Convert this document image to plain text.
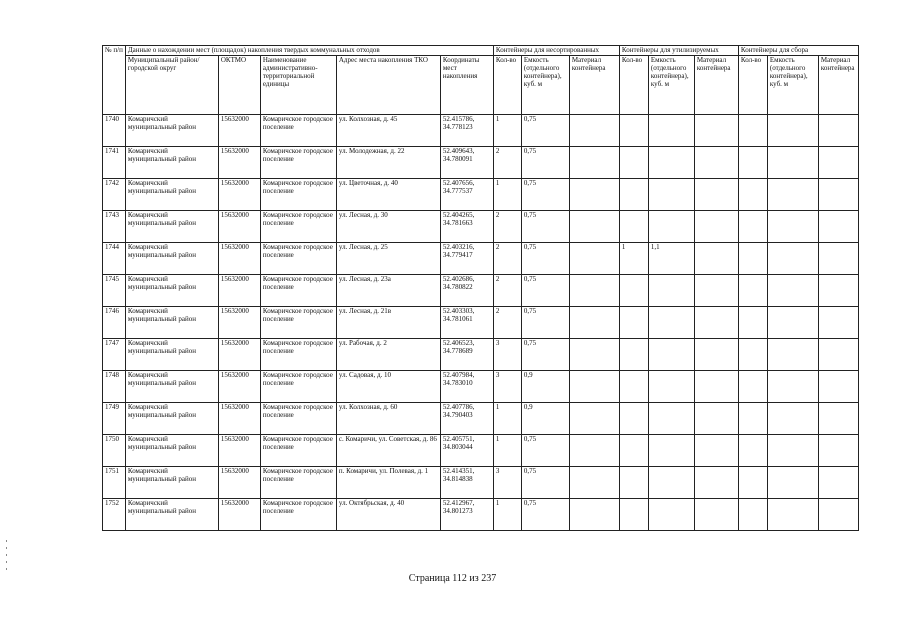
№ п/п	Данные о нахождении мест (площадок) накопления твердых коммунальных отходов					Контейнеры для несортированных			Контейнеры для утилизируемых			Контейнеры для сбора		
	Муниципальный район/городской округ	ОКТМО	Наименование административно-территориальной единицы	Адрес места накопления ТКО	Координаты мест накопления	Кол-во	Емкость (отдельного контейнера), куб. м	Материал контейнера	Кол-во	Емкость (отдельного контейнера), куб. м	Материал контейнера	Кол-во	Емкость (отдельного контейнера), куб. м	Материал контейнера
1740	Комаричский муниципальный район	15632000	Комаричское городское поселение	ул. Колхозная, д. 45	52.415786, 34.778123	1	0,75							
1741	Комаричский муниципальный район	15632000	Комаричское городское поселение	ул. Молодежная, д. 22	52.409643, 34.780091	2	0,75							
1742	Комаричский муниципальный район	15632000	Комаричское городское поселение	ул. Цветочная, д. 40	52.407656, 34.777537	1	0,75							
1743	Комаричский муниципальный район	15632000	Комаричское городское поселение	ул. Лесная, д. 30	52.404265, 34.781663	2	0,75							
1744	Комаричский муниципальный район	15632000	Комаричское городское поселение	ул. Лесная, д. 25	52.403216, 34.779417	2	0,75		1	1,1				
1745	Комаричский муниципальный район	15632000	Комаричское городское поселение	ул. Лесная, д. 23а	52.402686, 34.780822	2	0,75							
1746	Комаричский муниципальный район	15632000	Комаричское городское поселение	ул. Лесная, д. 21в	52.403303, 34.781061	2	0,75							
1747	Комаричский муниципальный район	15632000	Комаричское городское поселение	ул. Рабочая, д. 2	52.406523, 34.778689	3	0,75							
1748	Комаричский муниципальный район	15632000	Комаричское городское поселение	ул. Садовая, д. 10	52.407984, 34.783010	3	0,9							
1749	Комаричский муниципальный район	15632000	Комаричское городское поселение	ул. Колхозная, д. 60	52.407786, 34.790403	1	0,9							
1750	Комаричский муниципальный район	15632000	Комаричское городское поселение	с. Комаричи, ул. Советская, д. 86	52.405751, 34.803044	1	0,75							
1751	Комаричский муниципальный район	15632000	Комаричское городское поселение	п. Комаричи, ул. Полевая, д. 1	52.414351, 34.814838	3	0,75							
1752	Комаричский муниципальный район	15632000	Комаричское городское поселение	ул. Октябрьская, д. 40	52.412967, 34.801273	1	0,75							
Страница 112 из 237
